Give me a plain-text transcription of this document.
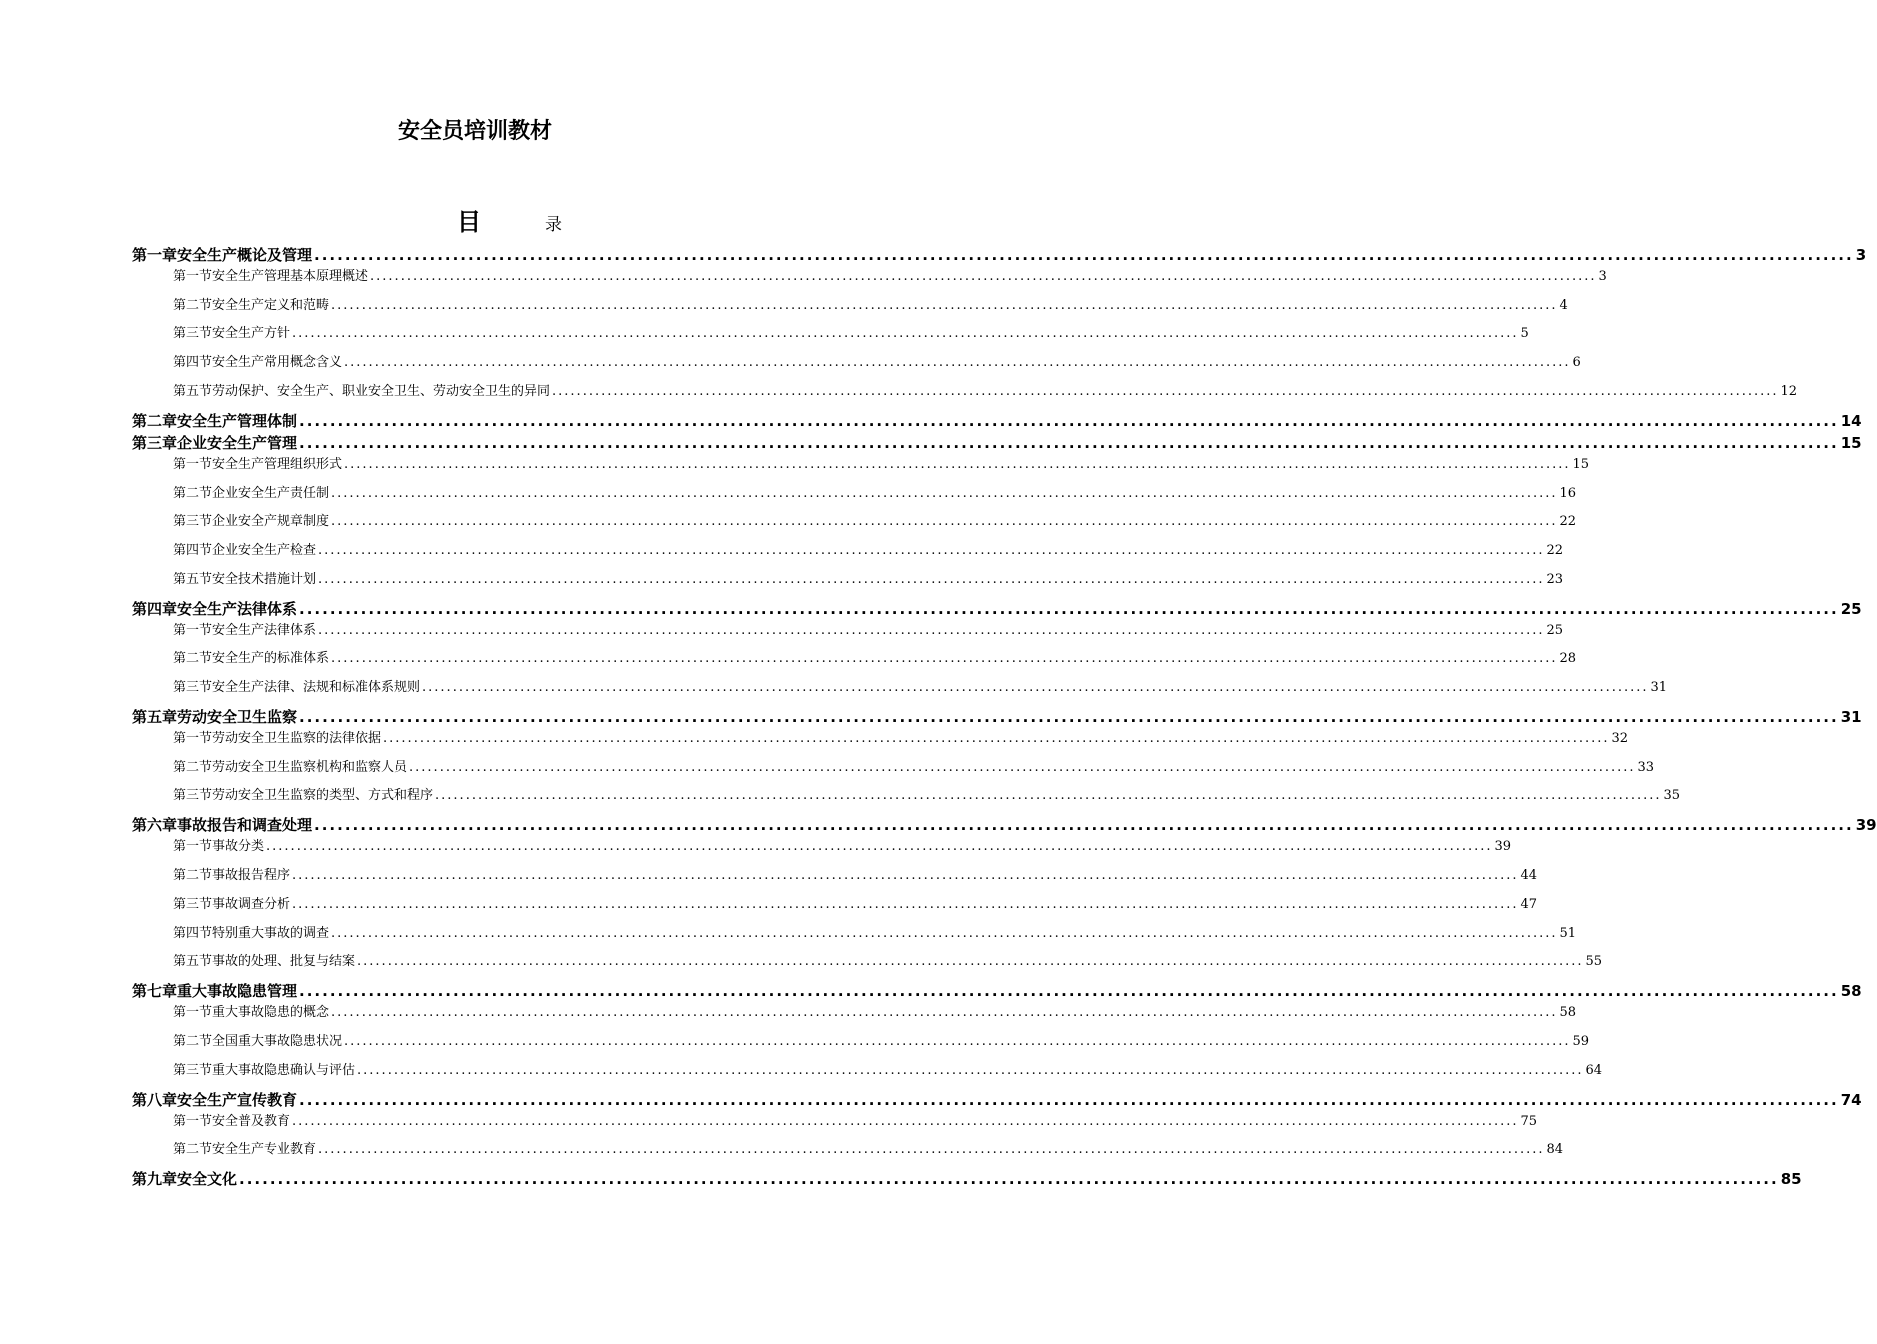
安全员培训教材
目	录
第一章 安全生产概论及管理 ........................................................................................................................................................................................................ 3
第一节 安全生产管理基本原理概述 ........................................................................................................................................................................................................ 3
第二节 安全生产定义和范畴 ........................................................................................................................................................................................................ 4
第三节 安全生产方针 ........................................................................................................................................................................................................ 5
第四节 安全生产常用概念含义 ........................................................................................................................................................................................................ 6
第五节 劳动保护、安全生产、职业安全卫生、劳动安全卫生的异同 ........................................................................................................................................................................................................ 12
第二章 安全生产管理体制 ........................................................................................................................................................................................................ 14
第三章 企业安全生产管理 ........................................................................................................................................................................................................ 15
第一节 安全生产管理组织形式 ........................................................................................................................................................................................................ 15
第二节 企业安全生产责任制 ........................................................................................................................................................................................................ 16
第三节 企业安全产规章制度 ........................................................................................................................................................................................................ 22
第四节 企业安全生产检查 ........................................................................................................................................................................................................ 22
第五节 安全技术措施计划 ........................................................................................................................................................................................................ 23
第四章 安全生产法律体系 ........................................................................................................................................................................................................ 25
第一节 安全生产法律体系 ........................................................................................................................................................................................................ 25
第二节 安全生产的标准体系 ........................................................................................................................................................................................................ 28
第三节 安全生产法律、法规和标准体系规则 ........................................................................................................................................................................................................ 31
第五章 劳动安全卫生监察 ........................................................................................................................................................................................................ 31
第一节 劳动安全卫生监察的法律依据 ........................................................................................................................................................................................................ 32
第二节 劳动安全卫生监察机构和监察人员 ........................................................................................................................................................................................................ 33
第三节 劳动安全卫生监察的类型、方式和程序 ........................................................................................................................................................................................................ 35
第六章 事故报告和调查处理 ........................................................................................................................................................................................................ 39
第一节 事故分类 ........................................................................................................................................................................................................ 39
第二节 事故报告程序 ........................................................................................................................................................................................................ 44
第三节 事故调查分析 ........................................................................................................................................................................................................ 47
第四节 特别重大事故的调查 ........................................................................................................................................................................................................ 51
第五节 事故的处理、批复与结案 ........................................................................................................................................................................................................ 55
第七章 重大事故隐患管理 ........................................................................................................................................................................................................ 58
第一节 重大事故隐患的概念 ........................................................................................................................................................................................................ 58
第二节 全国重大事故隐患状况 ........................................................................................................................................................................................................ 59
第三节 重大事故隐患确认与评估 ........................................................................................................................................................................................................ 64
第八章 安全生产宣传教育 ........................................................................................................................................................................................................ 74
第一节 安全普及教育 ........................................................................................................................................................................................................ 75
第二节 安全生产专业教育 ........................................................................................................................................................................................................ 84
第九章 安全文化 ........................................................................................................................................................................................................ 85
